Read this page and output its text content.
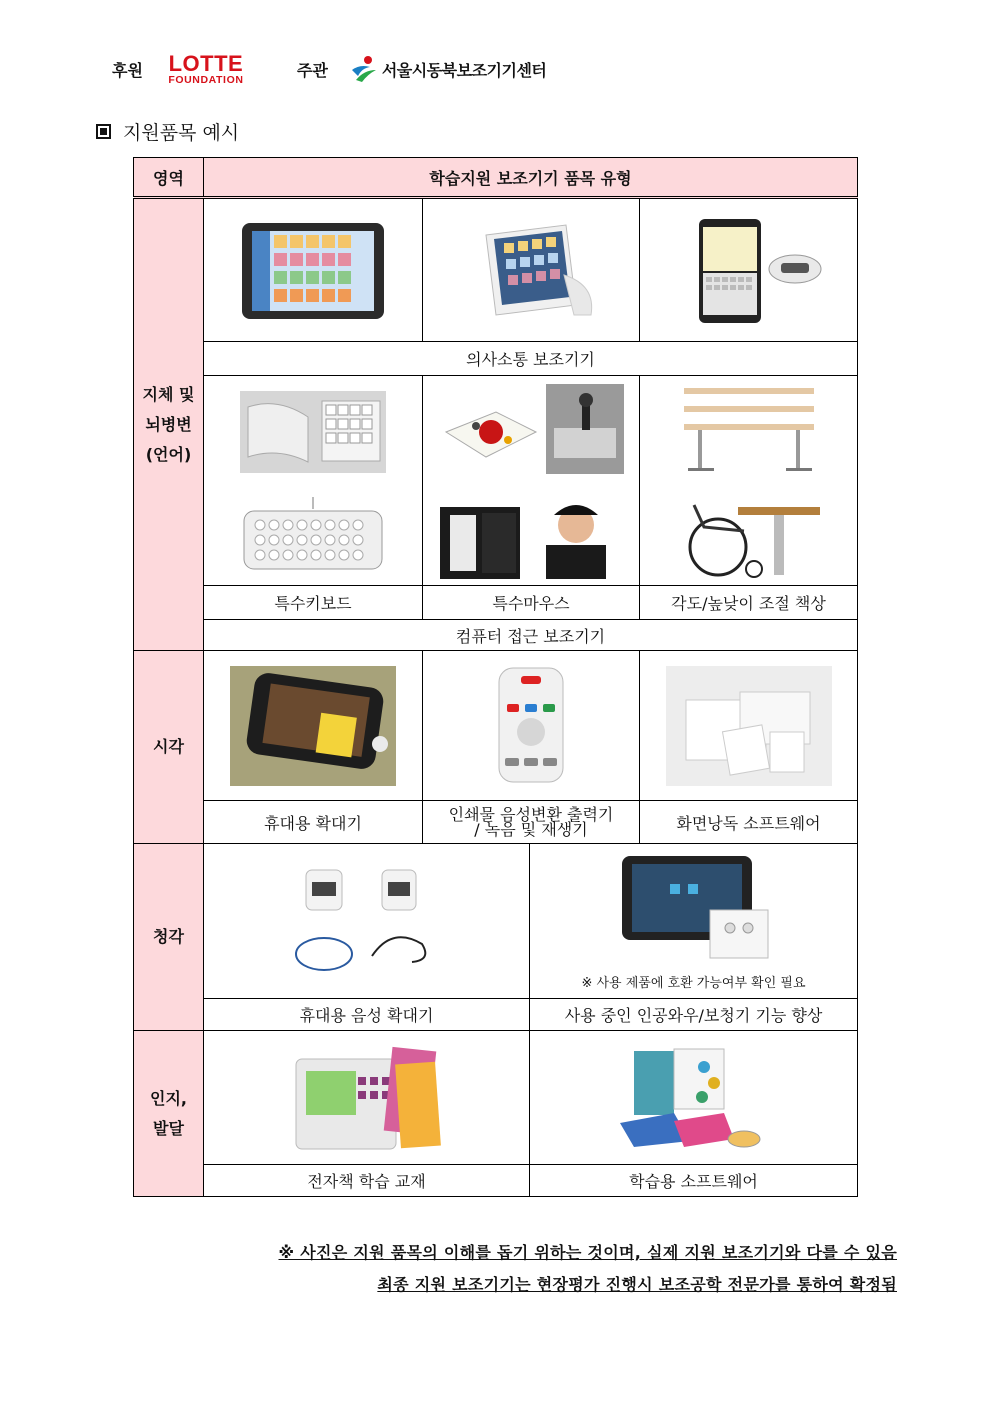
후원 LOTTE
FOUNDATION
주관	서울시동북보조기기센터
지원품목 예시
영역	학습지원 보조기기 품목 유형			

지체 및
뇌병변
(언어)

	의사소통 보조기기			

	특수키보드	특수마우스		각도/높낮이 조절 책상
	컴퓨터 접근 보조기기			
시각	

	휴대용 확대기	인쇄물 음성변환 출력기
/ 녹음 및 재생기		화면낭독 소프트웨어
청각			※ 사용 제품에 호환 가능여부 확인 필요	

	휴대용 음성 확대기		사용 중인 인공와우/보청기 기능 향상	

인지,
발달

	전자책 학습 교재		학습용 소프트웨어	
※ 사진은 지원 품목의 이해를 돕기 위하는 것이며, 실제 지원 보조기기와 다를 수 있음
최종 지원 보조기기는 현장평가 진행시 보조공학 전문가를 통하여 확정됨
